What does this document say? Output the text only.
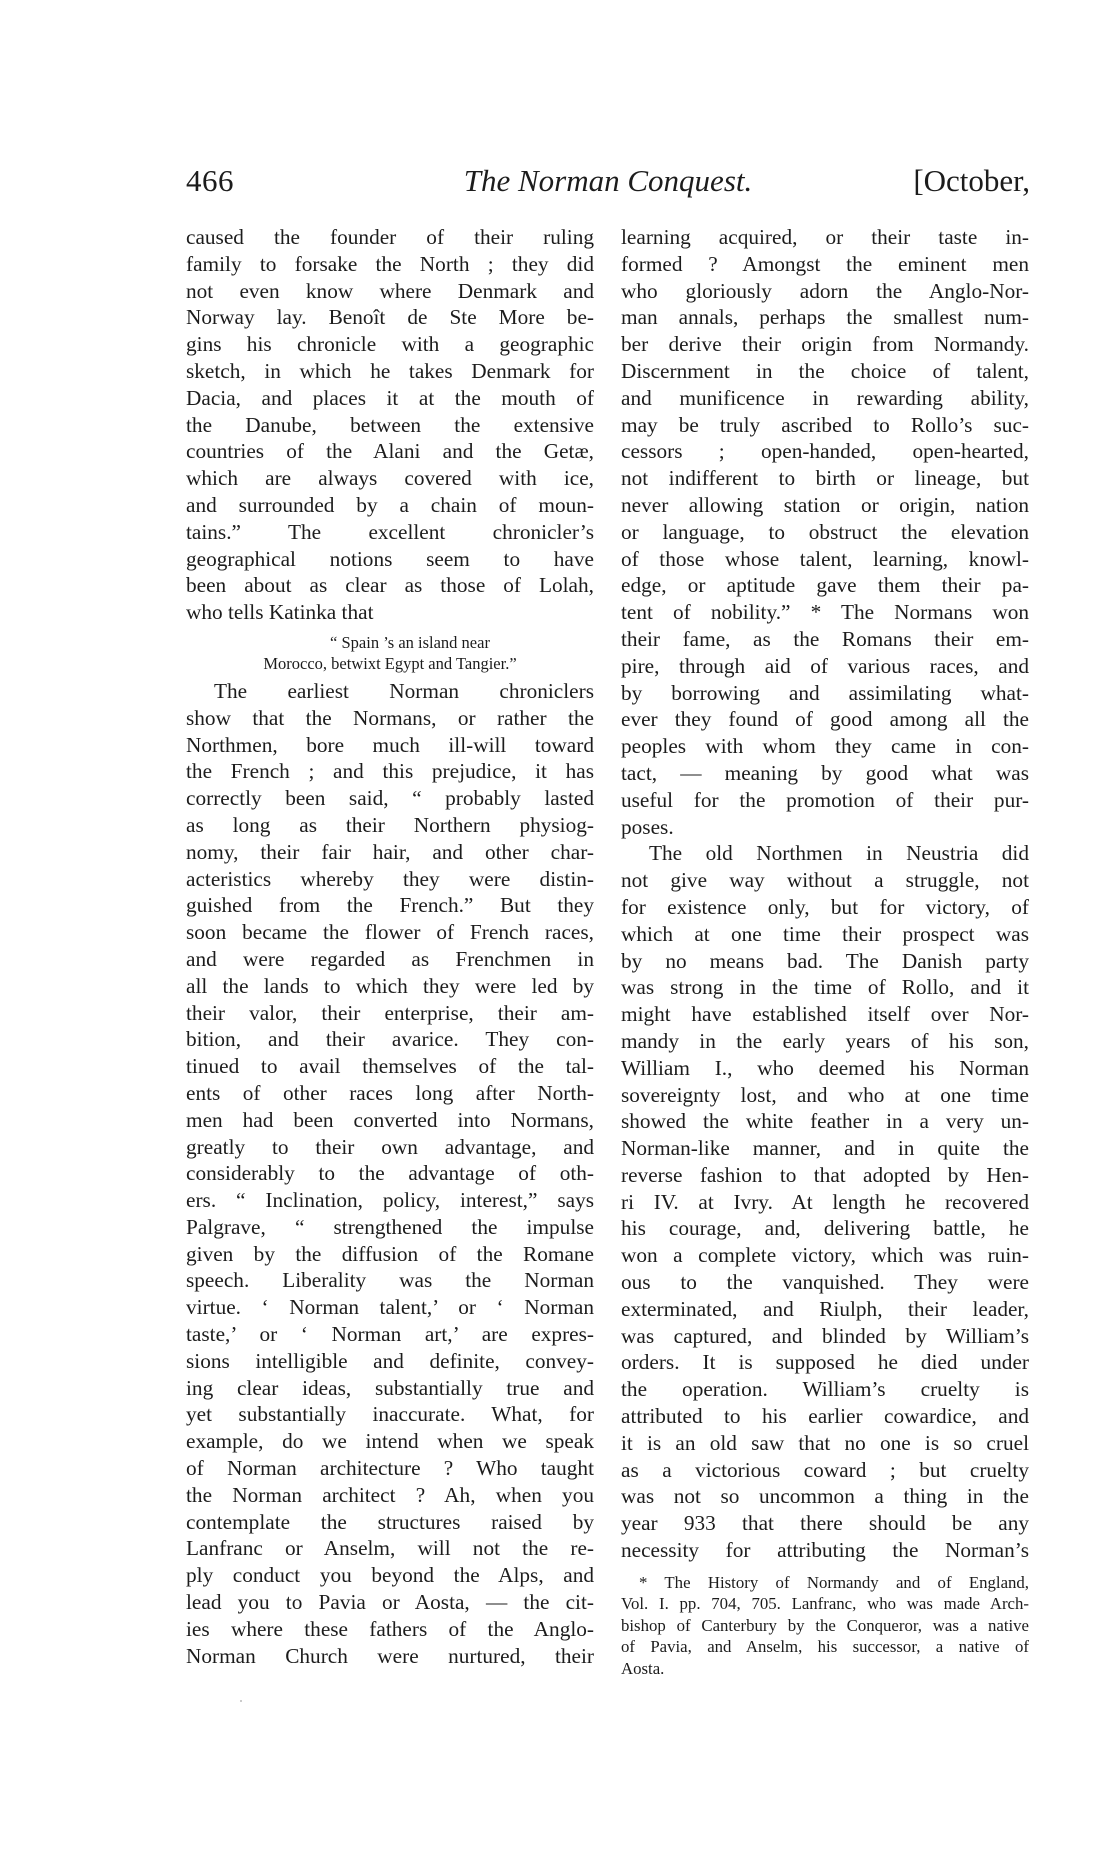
466	The Norman Conquest.	[October,
caused the founder of their ruling
family to forsake the North ; they did
not even know where Denmark and
Norway lay. Benoît de Ste More be-
gins his chronicle with a geographic
sketch, in which he takes Denmark for
Dacia, and places it at the mouth of
the Danube, between the extensive
countries of the Alani and the Getæ,
which are always covered with ice,
and surrounded by a chain of moun-
tains.” The excellent chronicler’s
geographical notions seem to have
been about as clear as those of Lolah,
who tells Katinka that
“ Spain ’s an island near
Morocco, betwixt Egypt and Tangier.”
The earliest Norman chroniclers
show that the Normans, or rather the
Northmen, bore much ill-will toward
the French ; and this prejudice, it has
correctly been said, “ probably lasted
as long as their Northern physiog-
nomy, their fair hair, and other char-
acteristics whereby they were distin-
guished from the French.” But they
soon became the flower of French races,
and were regarded as Frenchmen in
all the lands to which they were led by
their valor, their enterprise, their am-
bition, and their avarice. They con-
tinued to avail themselves of the tal-
ents of other races long after North-
men had been converted into Normans,
greatly to their own advantage, and
considerably to the advantage of oth-
ers. “ Inclination, policy, interest,” says
Palgrave, “ strengthened the impulse
given by the diffusion of the Romane
speech. Liberality was the Norman
virtue. ‘ Norman talent,’ or ‘ Norman
taste,’ or ‘ Norman art,’ are expres-
sions intelligible and definite, convey-
ing clear ideas, substantially true and
yet substantially inaccurate. What, for
example, do we intend when we speak
of Norman architecture ? Who taught
the Norman architect ? Ah, when you
contemplate the structures raised by
Lanfranc or Anselm, will not the re-
ply conduct you beyond the Alps, and
lead you to Pavia or Aosta, — the cit-
ies where these fathers of the Anglo-
Norman Church were nurtured, their
learning acquired, or their taste in-
formed ? Amongst the eminent men
who gloriously adorn the Anglo-Nor-
man annals, perhaps the smallest num-
ber derive their origin from Normandy.
Discernment in the choice of talent,
and munificence in rewarding ability,
may be truly ascribed to Rollo’s suc-
cessors ; open-handed, open-hearted,
not indifferent to birth or lineage, but
never allowing station or origin, nation
or language, to obstruct the elevation
of those whose talent, learning, knowl-
edge, or aptitude gave them their pa-
tent of nobility.” * The Normans won
their fame, as the Romans their em-
pire, through aid of various races, and
by borrowing and assimilating what-
ever they found of good among all the
peoples with whom they came in con-
tact, — meaning by good what was
useful for the promotion of their pur-
poses.
The old Northmen in Neustria did
not give way without a struggle, not
for existence only, but for victory, of
which at one time their prospect was
by no means bad. The Danish party
was strong in the time of Rollo, and it
might have established itself over Nor-
mandy in the early years of his son,
William I., who deemed his Norman
sovereignty lost, and who at one time
showed the white feather in a very un-
Norman-like manner, and in quite the
reverse fashion to that adopted by Hen-
ri IV. at Ivry. At length he recovered
his courage, and, delivering battle, he
won a complete victory, which was ruin-
ous to the vanquished. They were
exterminated, and Riulph, their leader,
was captured, and blinded by William’s
orders. It is supposed he died under
the operation. William’s cruelty is
attributed to his earlier cowardice, and
it is an old saw that no one is so cruel
as a victorious coward ; but cruelty
was not so uncommon a thing in the
year 933 that there should be any
necessity for attributing the Norman’s
* The History of Normandy and of England,
Vol. I. pp. 704, 705. Lanfranc, who was made Arch-
bishop of Canterbury by the Conqueror, was a native
of Pavia, and Anselm, his successor, a native of
Aosta.
